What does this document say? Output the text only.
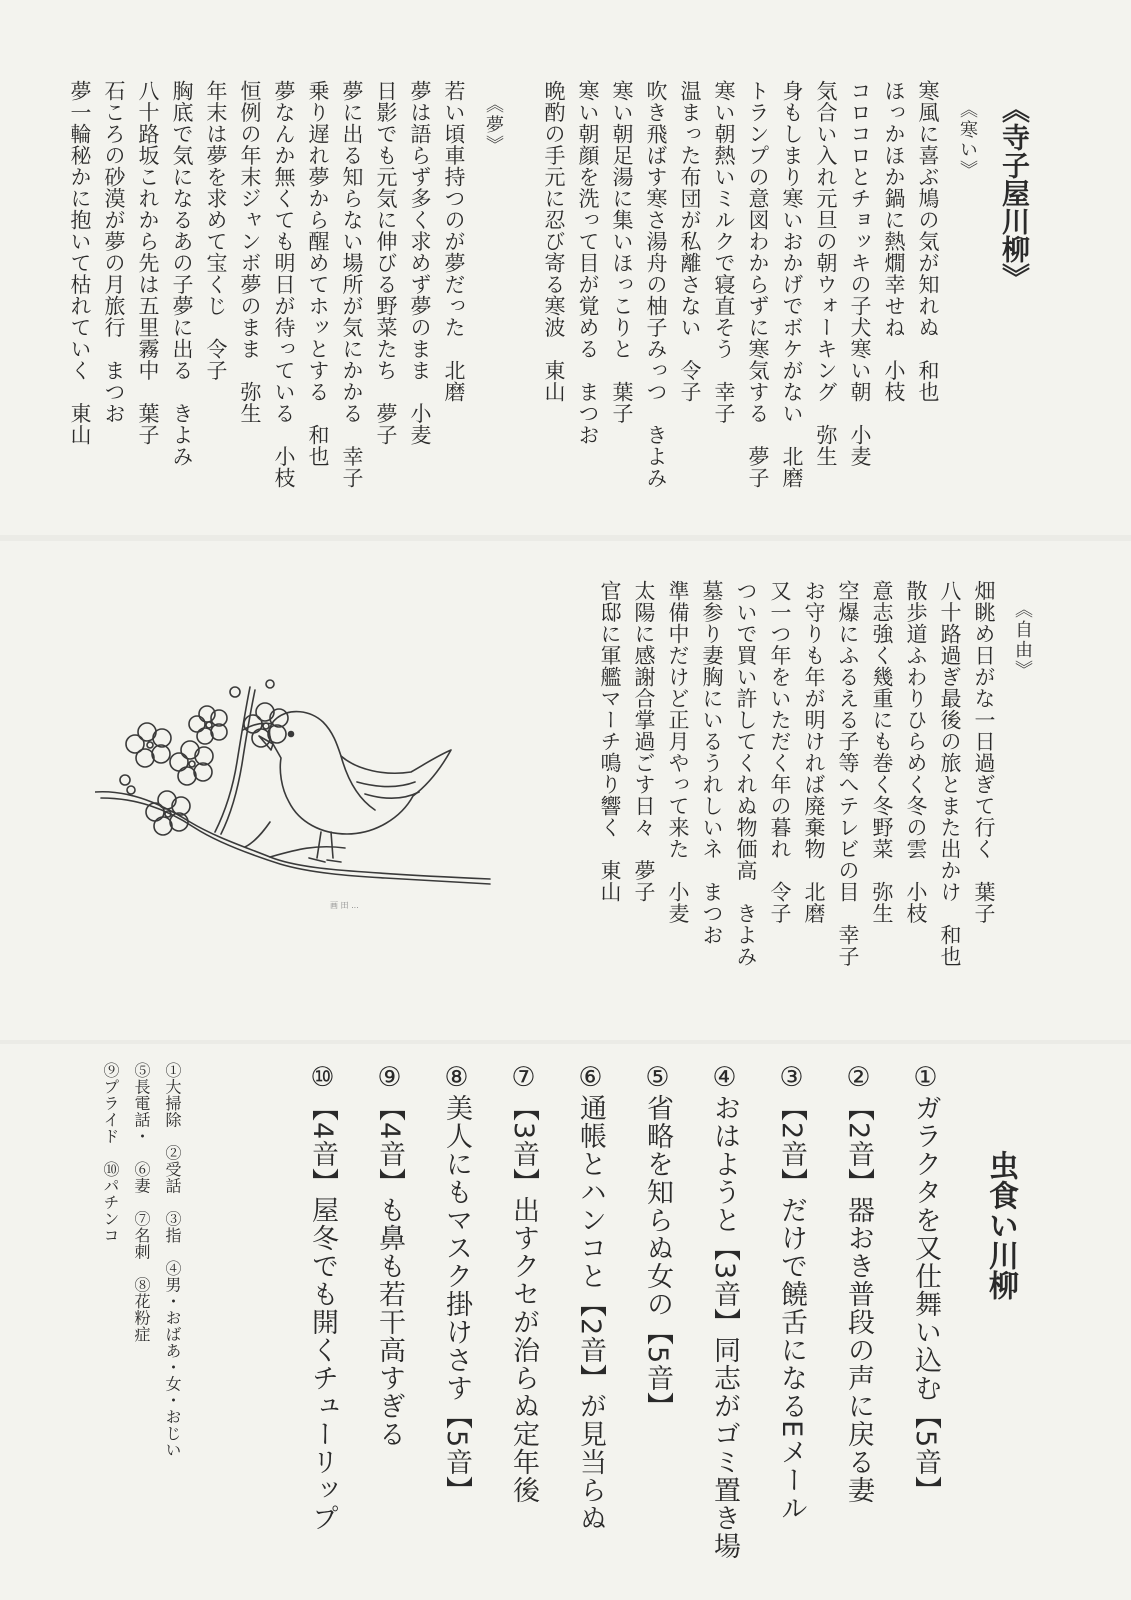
《寺子屋川柳》
《寒い》
寒風に喜ぶ鳩の気が知れぬ　和也
ほっかほか鍋に熱燗幸せね　小枝
コロコロとチョッキの子犬寒い朝　小麦
気合い入れ元旦の朝ウォーキング　弥生
身もしまり寒いおかげでボケがない　北磨
トランプの意図わからずに寒気する　夢子
寒い朝熱いミルクで寝直そう　幸子
温まった布団が私離さない　令子
吹き飛ばす寒さ湯舟の柚子みっつ　きよみ
寒い朝足湯に集いほっこりと　葉子
寒い朝顔を洗って目が覚める　まつお
晩酌の手元に忍び寄る寒波　東山
《夢》
若い頃車持つのが夢だった　北磨
夢は語らず多く求めず夢のまま　小麦
日影でも元気に伸びる野菜たち　夢子
夢に出る知らない場所が気にかかる　幸子
乗り遅れ夢から醒めてホッとする　和也
夢なんか無くても明日が待っている　小枝
恒例の年末ジャンボ夢のまま　弥生
年末は夢を求めて宝くじ　令子
胸底で気になるあの子夢に出る　きよみ
八十路坂これから先は五里霧中　葉子
石ころの砂漠が夢の月旅行　まつお
夢一輪秘かに抱いて枯れていく　東山
《自由》
畑眺め日がな一日過ぎて行く　葉子
八十路過ぎ最後の旅とまた出かけ　和也
散歩道ふわりひらめく冬の雲　小枝
意志強く幾重にも巻く冬野菜　弥生
空爆にふるえる子等へテレビの目　幸子
お守りも年が明ければ廃棄物　北磨
又一つ年をいただく年の暮れ　令子
ついで買い許してくれぬ物価高　きよみ
墓参り妻胸にいるうれしいネ　まつお
準備中だけど正月やって来た　小麦
太陽に感謝合掌過ごす日々　夢子
官邸に軍艦マーチ鳴り響く　東山
画 田 ...
虫食い川柳
①ガラクタを又仕舞い込む【5音】
②【2音】器おき普段の声に戻る妻
③【2音】だけで饒舌になるEメール
④おはようと【3音】同志がゴミ置き場
⑤省略を知らぬ女の【5音】
⑥通帳とハンコと【2音】が見当らぬ
⑦【3音】出すクセが治らぬ定年後
⑧美人にもマスク掛けさす【5音】
⑨【4音】も鼻も若干高すぎる
⑩【4音】屋冬でも開くチューリップ
①大掃除　②受話　③指　④男・おばあ・女・おじい
⑤長電話・　⑥妻　⑦名刺　⑧花粉症
⑨プライド　⑩パチンコ
